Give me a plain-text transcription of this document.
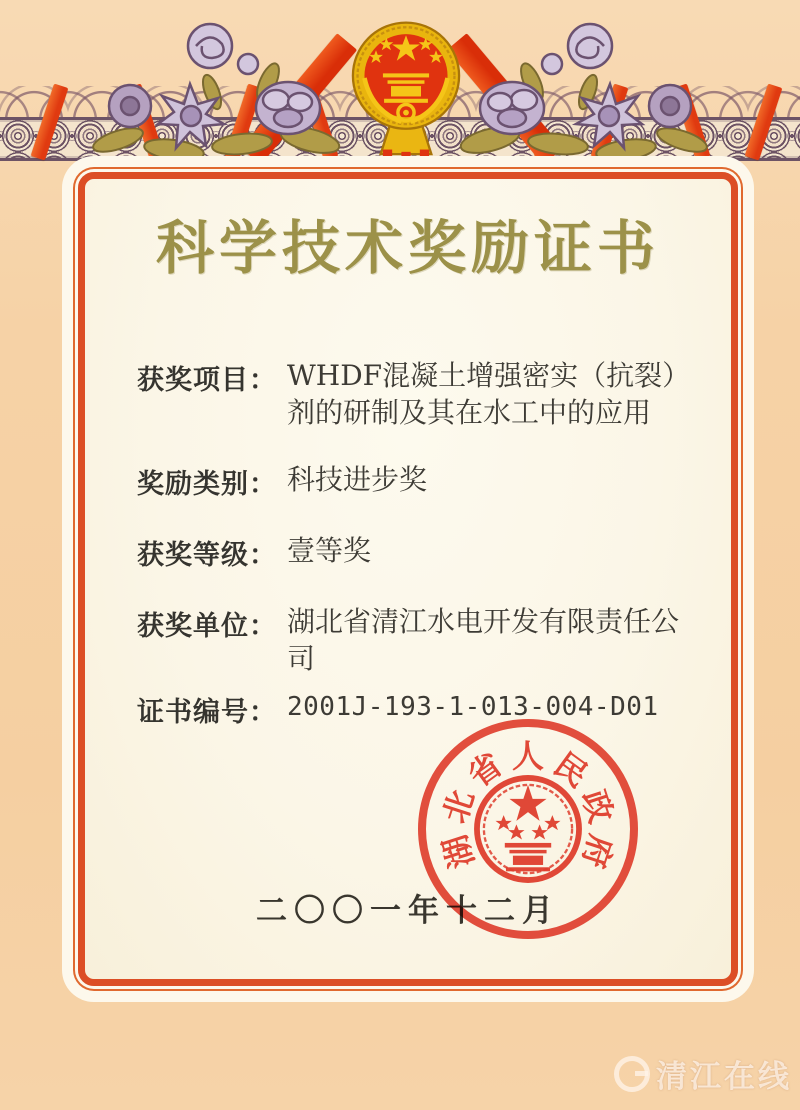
科学技术奖励证书
获奖项目： WHDF混凝土增强密实（抗裂）剂的研制及其在水工中的应用
奖励类别： 科技进步奖
获奖等级： 壹等奖
获奖单位： 湖北省清江水电开发有限责任公司
证书编号： 2001J-193-1-013-004-D01
湖
北
省 人 民
政
府
二〇〇一年十二月
清江在线
